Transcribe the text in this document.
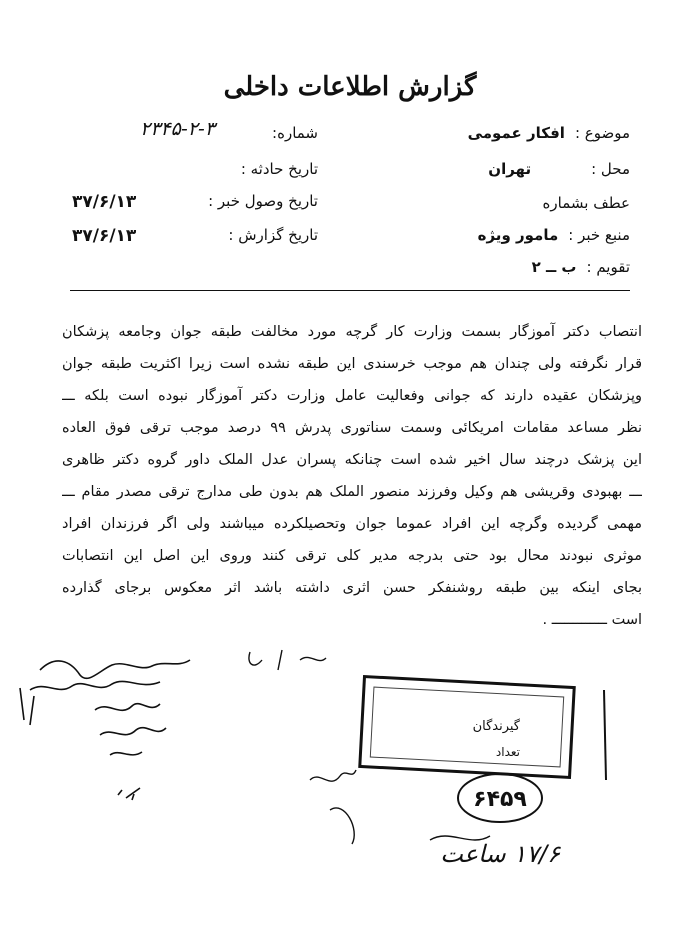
گزارش اطلاعات داخلی
موضوع :افکار عمومی
محل :تهران
عطف بشماره
منبع خبر :مامور ویژه
تقویم :ب ــ ۲
شماره:
۲۳۴۵-۲-۳
تاریخ حادثه :
تاریخ وصول خبر :
۳۷/۶/۱۳
تاریخ گزارش :
۳۷/۶/۱۳
انتصاب دکتر آموزگار بسمت وزارت کار گرچه مورد مخالفت طبقه جوان وجامعه پزشکان
قرار نگرفته ولی چندان هم موجب خرسندی این طبقه نشده است زیرا اکثریت طبقه جوان
وپزشکان عقیده دارند که جوانی وفعالیت عامل وزارت دکتر آموزگار نبوده است بلکه ـــ
نظر مساعد مقامات امریکائی وسمت سناتوری پدرش ۹۹ درصد موجب ترقی فوق العاده
این پزشک درچند سال اخیر شده است چنانکه پسران عدل الملک داور گروه دکتر ظاهری
ـــ بهبودی وقریشی هم وکیل وفرزند منصور الملک هم بدون طی مدارج ترقی مصدر مقام ـــ
مهمی گردیده وگرچه این افراد عموما جوان وتحصیلکرده میباشند ولی اگر فرزندان افراد
موثری نبودند محال بود حتی بدرجه مدیر کلی ترقی کنند وروی این اصل این انتصابات
بجای اینکه بین طبقه روشنفکر حسن اثری داشته باشد اثر معکوس برجای گذارده
است ـــــــــــــ .
گیرندگان
تعداد
۶۴۵۹
۱۷/۶ ساعت
